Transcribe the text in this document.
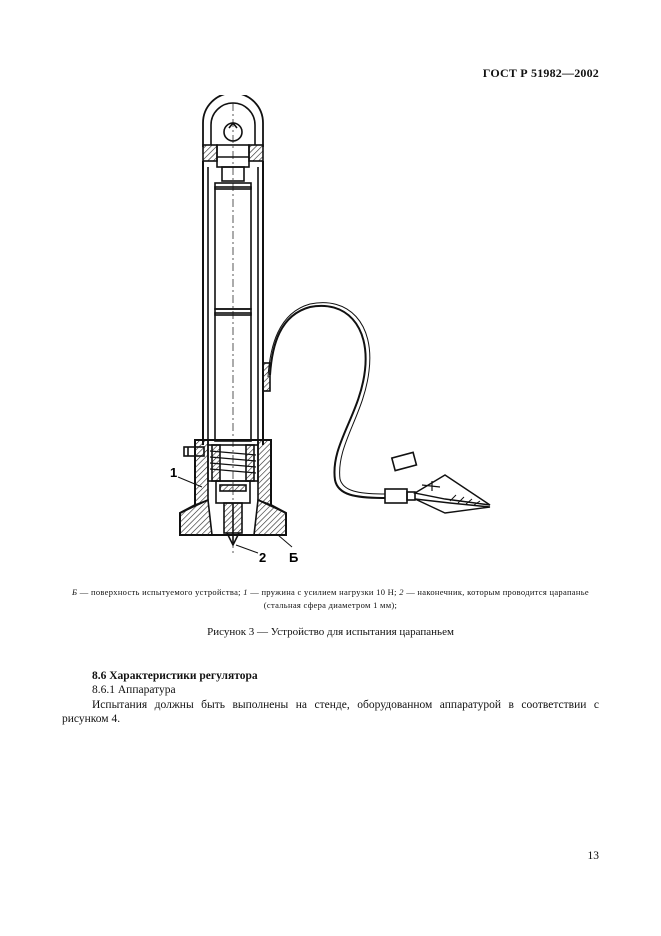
ГОСТ Р 51982—2002
1
2 Б
Б — поверхность испытуемого устройства; 1 — пружина с усилием нагрузки 10 Н; 2 — наконечник, которым проводится царапанье (стальная сфера диаметром 1 мм);
Рисунок 3 — Устройство для испытания царапаньем
8.6 Характеристики регулятора
8.6.1 Аппаратура
Испытания должны быть выполнены на стенде, оборудованном аппаратурой в соответствии с рисунком 4.
13
